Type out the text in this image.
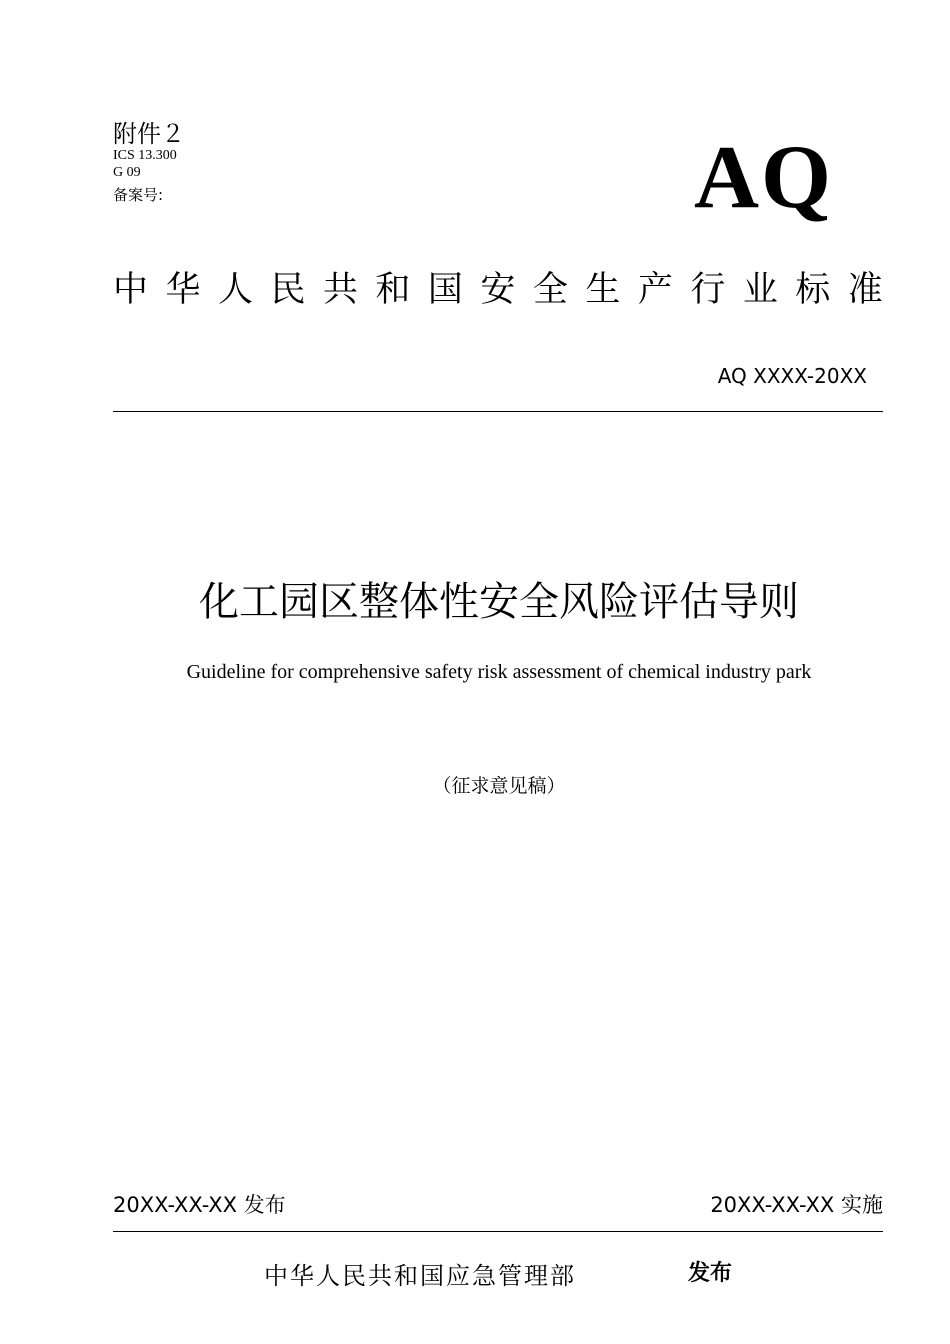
附件２
ICS 13.300
G 09
备案号:	AQ
中 华 人 民 共 和 国 安 全 生 产 行 业 标 准
AQ XXXX-20XX
化工园区整体性安全风险评估导则
Guideline for comprehensive safety risk assessment of chemical industry park
（征求意见稿）
20XX-XX-XX 发布	20XX-XX-XX 实施
中华人民共和国应急管理部	发布
